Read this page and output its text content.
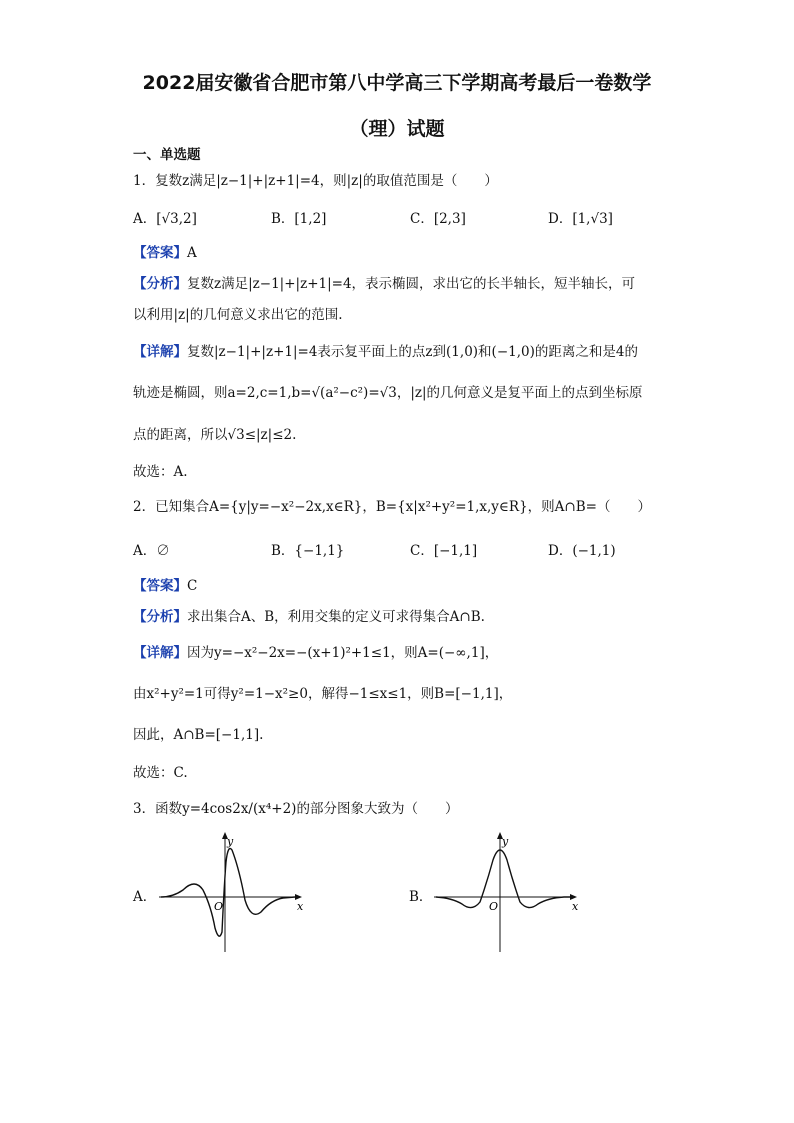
2022届安徽省合肥市第八中学高三下学期高考最后一卷数学
（理）试题
一、单选题
1．复数z满足|z−1|+|z+1|=4，则|z|的取值范围是（　　）
A．[√3,2]	B．[1,2]	C．[2,3]	D．[1,√3]
【答案】A
【分析】复数z满足|z−1|+|z+1|=4，表示椭圆，求出它的长半轴长，短半轴长，可
以利用|z|的几何意义求出它的范围.
【详解】复数|z−1|+|z+1|=4表示复平面上的点z到(1,0)和(−1,0)的距离之和是4的
轨迹是椭圆，则a=2,c=1,b=√(a²−c²)=√3，|z|的几何意义是复平面上的点到坐标原
点的距离，所以√3≤|z|≤2.
故选：A.
2．已知集合A={y|y=−x²−2x,x∈R}，B={x|x²+y²=1,x,y∈R}，则A∩B=（　　）
A．∅	B．{−1,1}	C．[−1,1]	D．(−1,1)
【答案】C
【分析】求出集合A、B，利用交集的定义可求得集合A∩B.
【详解】因为y=−x²−2x=−(x+1)²+1≤1，则A=(−∞,1]，
由x²+y²=1可得y²=1−x²≥0，解得−1≤x≤1，则B=[−1,1]，
因此，A∩B=[−1,1].
故选：C.
3．函数y=4cos2x/(x⁴+2)的部分图象大致为（　　）
A．
y
x
O
B．
y
x
O
